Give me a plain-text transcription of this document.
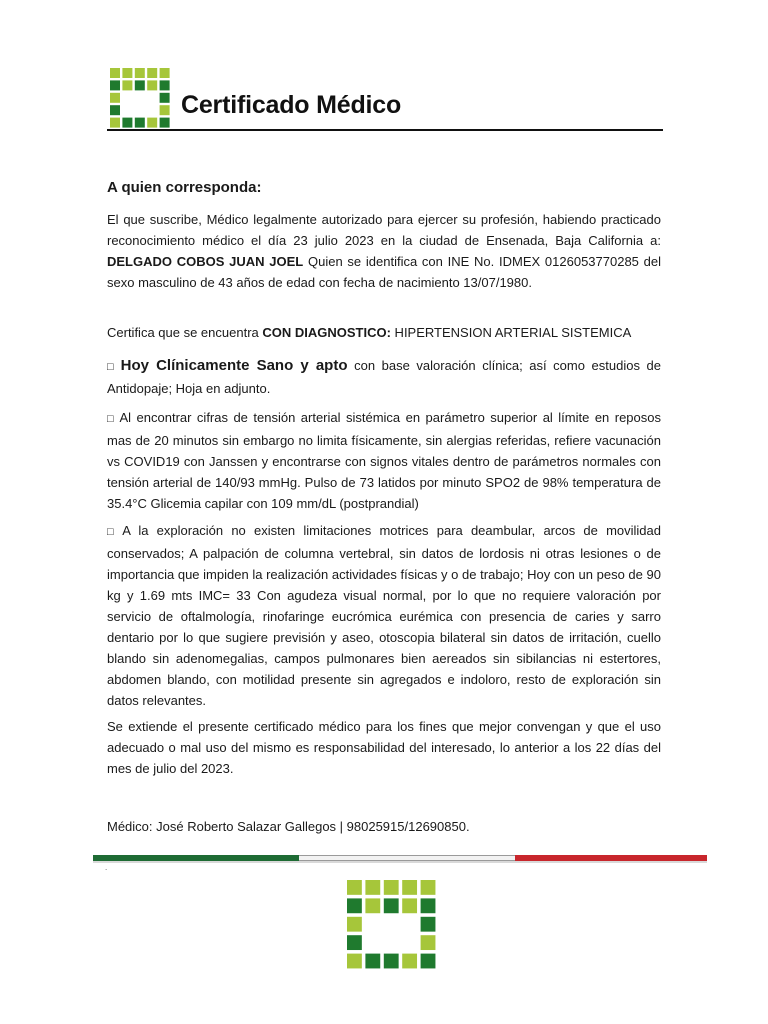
Certificado Médico
A quien corresponda:
El que suscribe, Médico legalmente autorizado para ejercer su profesión, habiendo practicado reconocimiento médico el día 23 julio 2023 en la ciudad de Ensenada, Baja California a: DELGADO COBOS JUAN JOEL Quien se identifica con INE No. IDMEX 0126053770285 del sexo masculino de 43 años de edad con fecha de nacimiento 13/07/1980.
Certifica que se encuentra CON DIAGNOSTICO: HIPERTENSION ARTERIAL SISTEMICA
□ Hoy Clínicamente Sano y apto con base valoración clínica; así como estudios de Antidopaje; Hoja en adjunto.
□ Al encontrar cifras de tensión arterial sistémica en parámetro superior al límite en reposos mas de 20 minutos sin embargo no limita físicamente, sin alergias referidas, refiere vacunación vs COVID19 con Janssen y encontrarse con signos vitales dentro de parámetros normales con tensión arterial de 140/93 mmHg. Pulso de 73 latidos por minuto SPO2 de 98% temperatura de 35.4°C Glicemia capilar con 109 mm/dL (postprandial)
□ A la exploración no existen limitaciones motrices para deambular, arcos de movilidad conservados; A palpación de columna vertebral, sin datos de lordosis ni otras lesiones o de importancia que impiden la realización actividades físicas y o de trabajo; Hoy con un peso de 90 kg y 1.69 mts IMC= 33 Con agudeza visual normal, por lo que no requiere valoración por servicio de oftalmología, rinofaringe eucrómica eurémica con presencia de caries y sarro dentario por lo que sugiere previsión y aseo, otoscopia bilateral sin datos de irritación, cuello blando sin adenomegalias, campos pulmonares bien aereados sin sibilancias ni estertores, abdomen blando, con motilidad presente sin agregados e indoloro, resto de exploración sin datos relevantes.
Se extiende el presente certificado médico para los fines que mejor convengan y que el uso adecuado o mal uso del mismo es responsabilidad del interesado, lo anterior a los 22 días del mes de julio del 2023.
Médico: José Roberto Salazar Gallegos | 98025915/12690850.
.
